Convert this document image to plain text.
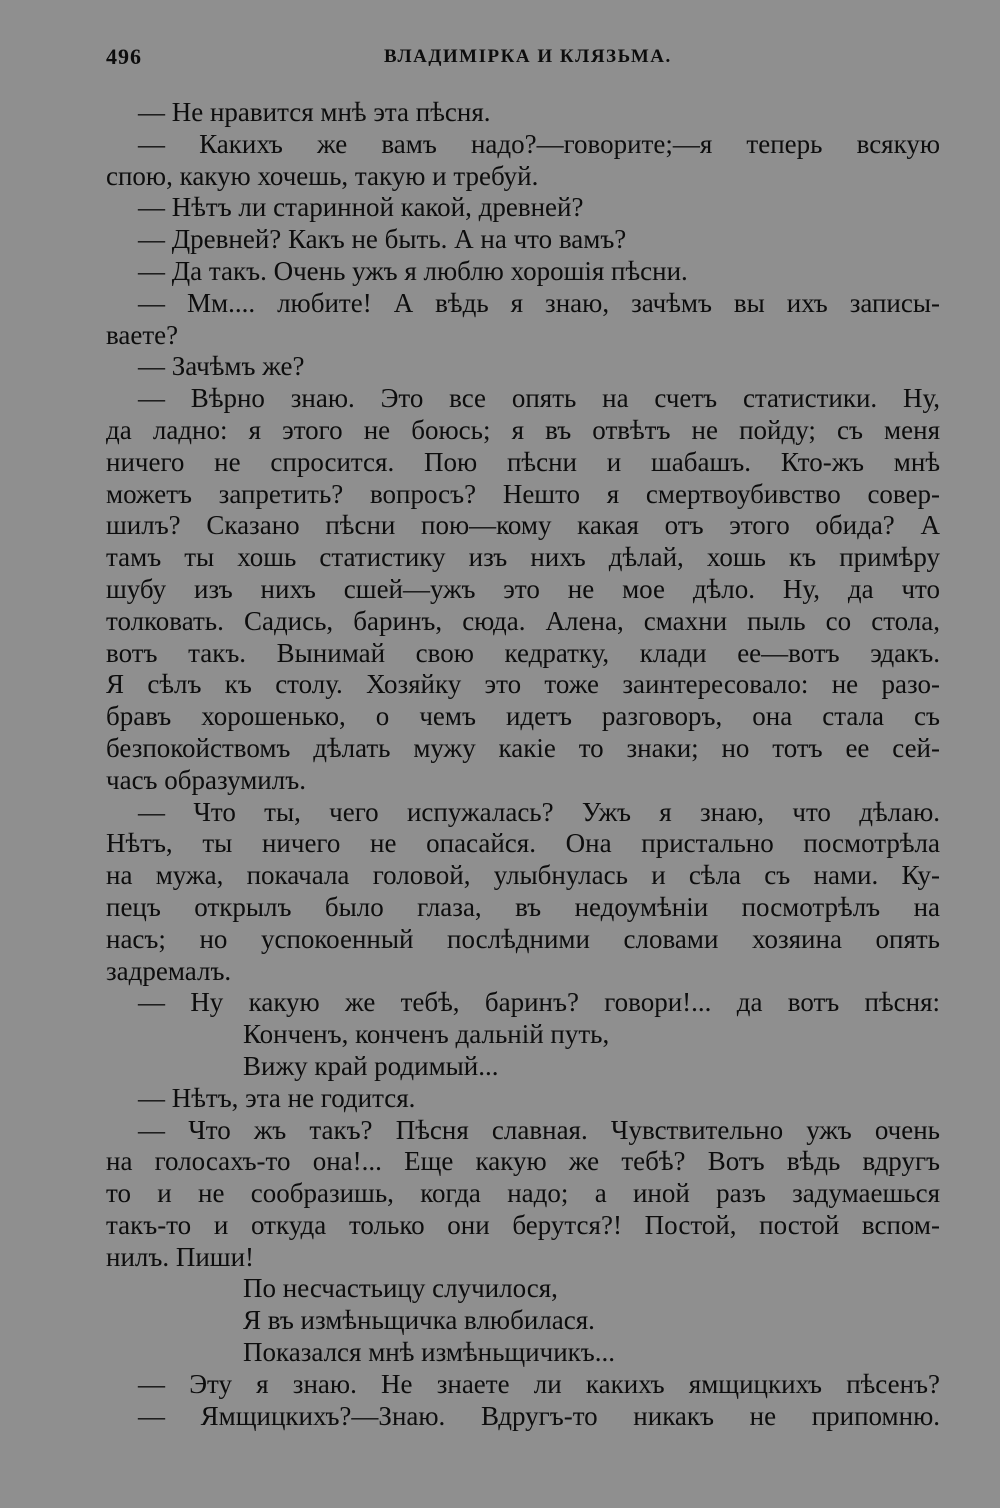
496	ВЛАДИМІРКА И КЛЯЗЬМА.
— Не нравится мнѣ эта пѣсня.
— Какихъ же вамъ надо?—говорите;—я теперь всякую
спою, какую хочешь, такую и требуй.
— Нѣтъ ли старинной какой, древней?
— Древней? Какъ не быть. А на что вамъ?
— Да такъ. Очень ужъ я люблю хорошія пѣсни.
— Мм.... любите! А вѣдь я знаю, зачѣмъ вы ихъ записы-
ваете?
— Зачѣмъ же?
— Вѣрно знаю. Это все опять на счетъ статистики. Ну,
да ладно: я этого не боюсь; я въ отвѣтъ не пойду; съ меня
ничего не спросится. Пою пѣсни и шабашъ. Кто-жъ мнѣ
можетъ запретить? вопросъ? Нешто я смертвоубивство совер-
шилъ? Сказано пѣсни пою—кому какая отъ этого обида? А
тамъ ты хошь статистику изъ нихъ дѣлай, хошь къ примѣру
шубу изъ нихъ сшей—ужъ это не мое дѣло. Ну, да что
толковать. Садись, баринъ, сюда. Алена, смахни пыль со стола,
вотъ такъ. Вынимай свою кедратку, клади ее—вотъ эдакъ.
Я сѣлъ къ столу. Хозяйку это тоже заинтересовало: не разо-
бравъ хорошенько, о чемъ идетъ разговоръ, она стала съ
безпокойствомъ дѣлать мужу какіе то знаки; но тотъ ее сей-
часъ образумилъ.
— Что ты, чего испужалась? Ужъ я знаю, что дѣлаю.
Нѣтъ, ты ничего не опасайся. Она пристально посмотрѣла
на мужа, покачала головой, улыбнулась и сѣла съ нами. Ку-
пецъ открылъ было глаза, въ недоумѣніи посмотрѣлъ на
насъ; но успокоенный послѣдними словами хозяина опять
задремалъ.
— Ну какую же тебѣ, баринъ? говори!... да вотъ пѣсня:
Конченъ, конченъ дальній путь,
Вижу край родимый...
— Нѣтъ, эта не годится.
— Что жъ такъ? Пѣсня славная. Чувствительно ужъ очень
на голосахъ-то она!... Еще какую же тебѣ? Вотъ вѣдь вдругъ
то и не сообразишь, когда надо; а иной разъ задумаешься
такъ-то и откуда только они берутся?! Постой, постой вспом-
нилъ. Пиши!
По несчастьицу случилося,
Я въ измѣньщичка влюбилася.
Показался мнѣ измѣньщичикъ...
— Эту я знаю. Не знаете ли какихъ ямщицкихъ пѣсенъ?
— Ямщицкихъ?—Знаю. Вдругъ-то никакъ не припомню.
